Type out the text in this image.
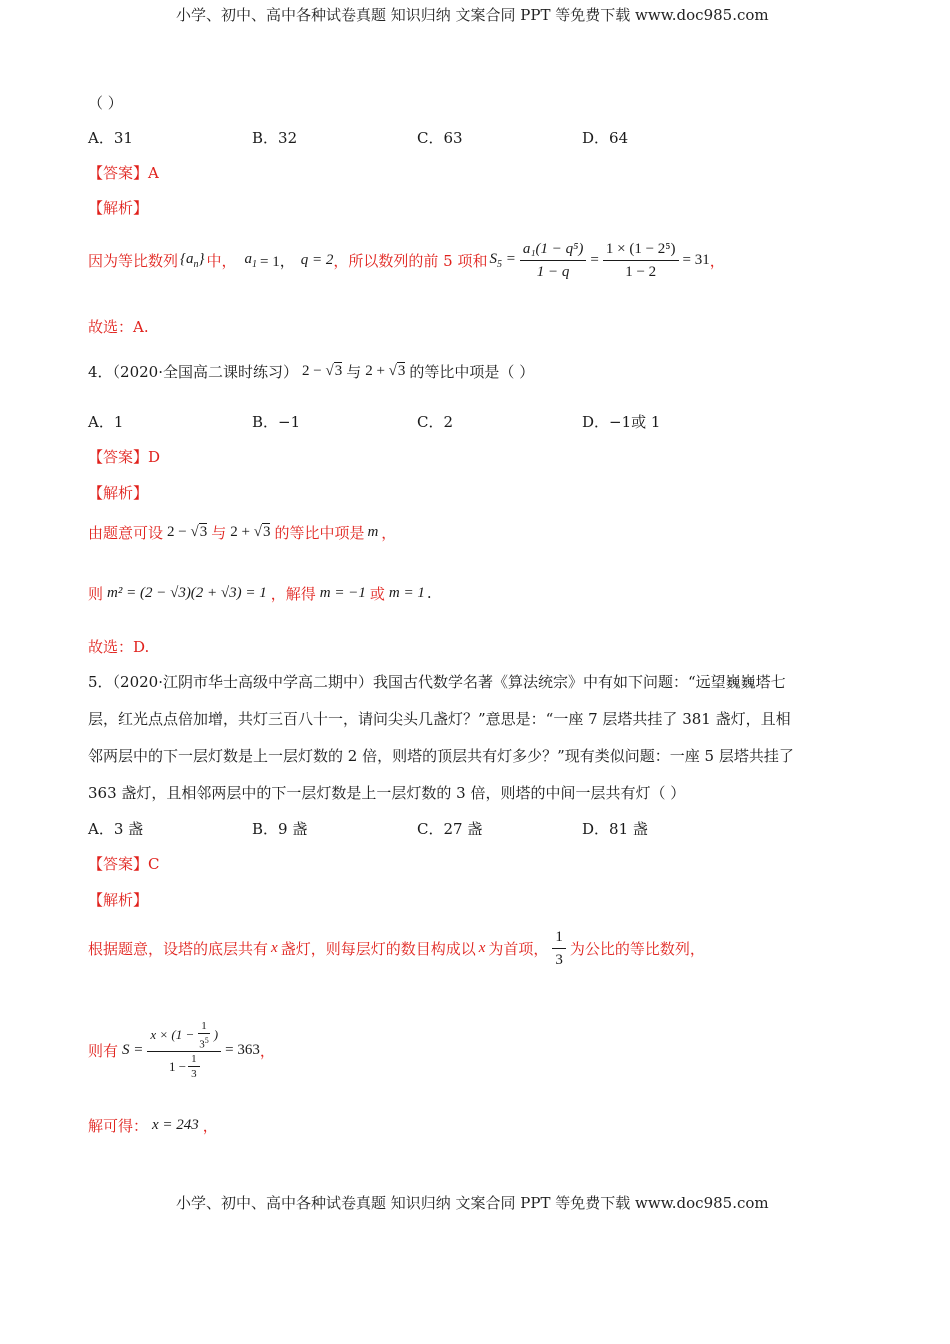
小学、初中、高中各种试卷真题 知识归纳 文案合同 PPT 等免费下载 www.doc985.com
（ ）
A．31	B．32	C．63	D．64
【答案】A
【解析】
因为等比数列 $\{a_n\}$ 中， $a_1 = 1$， q = 2 ，所以数列的前 5 项和 $S_5 = \frac{\text{a₁(1 − q⁵)}}{1 - q} = \frac{\text{1 × (1 − 2⁵)}}{1 - 2} = 31$ ，
故选：A.
4．（2020·全国高二课时练习） 2 − √3 与 2 + √3 的等比中项是（ ）
A．1	B．−1	C．2	D．−1或 1
【答案】D
【解析】
由题意可设 2 − √3 与 2 + √3 的等比中项是 m ，
则 m² = (2 − √3)(2 + √3) = 1 ，解得 m = −1 或 m = 1 .
故选：D.
5．（2020·江阴市华士高级中学高二期中）我国古代数学名著《算法统宗》中有如下问题：“远望巍巍塔七
层，红光点点倍加增，共灯三百八十一，请问尖头几盏灯？”意思是：“一座 7 层塔共挂了 381 盏灯，且相
邻两层中的下一层灯数是上一层灯数的 2 倍，则塔的顶层共有灯多少？”现有类似问题：一座 5 层塔共挂了
363 盏灯，且相邻两层中的下一层灯数是上一层灯数的 3 倍，则塔的中间一层共有灯（ ）
A．3 盏	B．9 盏	C．27 盏	D．81 盏
【答案】C
【解析】
根据题意，设塔的底层共有 x 盏灯，则每层灯的数目构成以 x 为首项， $\frac{1}{3}$ 为公比的等比数列，
则有 $S = \frac{x \times (1 - \frac{1}{3^5} )}{1 - \frac{1}{3}} = 363$ ，
解可得： x = 243 ，
小学、初中、高中各种试卷真题 知识归纳 文案合同 PPT 等免费下载 www.doc985.com
